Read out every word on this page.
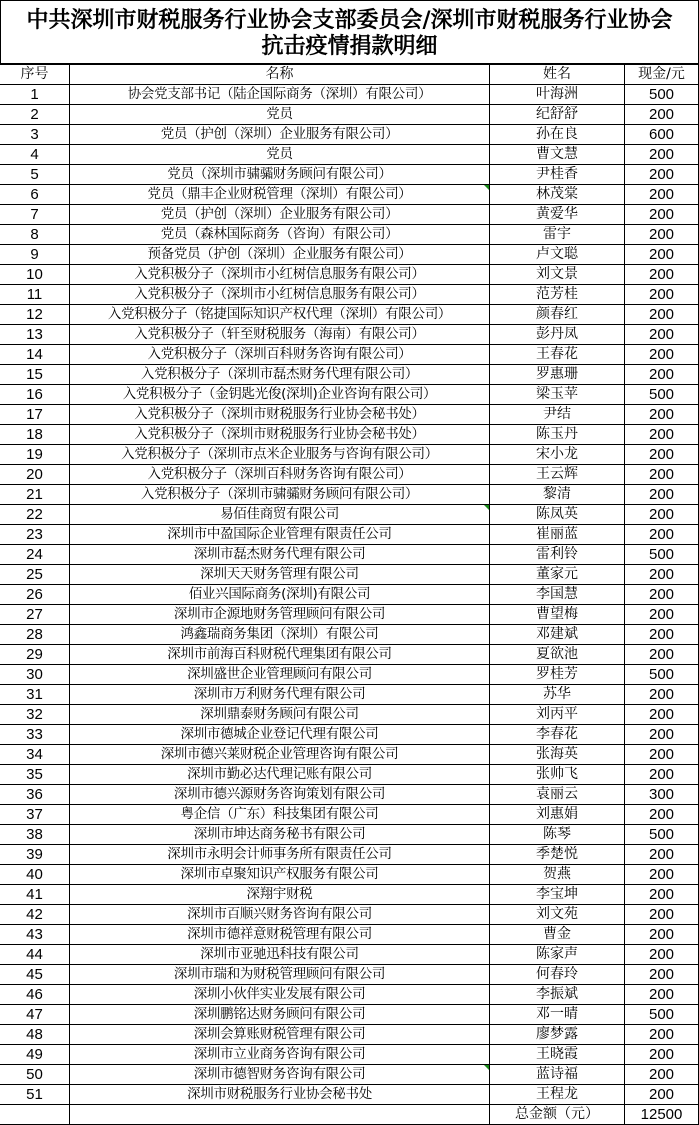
中共深圳市财税服务行业协会支部委员会/深圳市财税服务行业协会
抗击疫情捐款明细
序号	名称	姓名	现金/元
1	协会党支部书记（陆企国际商务（深圳）有限公司）	叶海洲	500
2	党员	纪舒舒	200
3	党员（护创（深圳）企业服务有限公司）	孙在良	600
4	党员	曹文慧	200
5	党员（深圳市骕骦财务顾问有限公司）	尹桂香	200
6	党员（鼎丰企业财税管理（深圳）有限公司）	林茂棠	200
7	党员（护创（深圳）企业服务有限公司）	黄爱华	200
8	党员（森林国际商务（咨询）有限公司）	雷宇	200
9	预备党员（护创（深圳）企业服务有限公司）	卢文聪	200
10	入党积极分子（深圳市小红树信息服务有限公司）	刘文景	200
11	入党积极分子（深圳市小红树信息服务有限公司）	范芳桂	200
12	入党积极分子（铭捷国际知识产权代理（深圳）有限公司）	颜春红	200
13	入党积极分子（轩至财税服务（海南）有限公司）	彭丹凤	200
14	入党积极分子（深圳百科财务咨询有限公司）	王春花	200
15	入党积极分子（深圳市磊杰财务代理有限公司）	罗惠珊	200
16	入党积极分子（金钥匙光俊(深圳)企业咨询有限公司）	梁玉苹	500
17	入党积极分子（深圳市财税服务行业协会秘书处）	尹结	200
18	入党积极分子（深圳市财税服务行业协会秘书处）	陈玉丹	200
19	入党积极分子（深圳市点米企业服务与咨询有限公司）	宋小龙	200
20	入党积极分子（深圳百科财务咨询有限公司）	王云辉	200
21	入党积极分子（深圳市骕骦财务顾问有限公司）	黎清	200
22	易佰佳商贸有限公司	陈凤英	200
23	深圳市中盈国际企业管理有限责任公司	崔丽蓝	200
24	深圳市磊杰财务代理有限公司	雷利铃	500
25	深圳天天财务管理有限公司	董家元	200
26	佰业兴国际商务(深圳)有限公司	李国慧	200
27	深圳市企源地财务管理顾问有限公司	曹望梅	200
28	鸿鑫瑞商务集团（深圳）有限公司	邓建斌	200
29	深圳市前海百科财税代理集团有限公司	夏欲池	200
30	深圳盛世企业管理顾问有限公司	罗桂芳	500
31	深圳市万利财务代理有限公司	苏华	200
32	深圳鼎泰财务顾问有限公司	刘丙平	200
33	深圳市德城企业登记代理有限公司	李春花	200
34	深圳市德兴莱财税企业管理咨询有限公司	张海英	200
35	深圳市勤必达代理记账有限公司	张帅飞	200
36	深圳市德兴源财务咨询策划有限公司	袁丽云	300
37	粤企信（广东）科技集团有限公司	刘惠娟	200
38	深圳市坤达商务秘书有限公司	陈琴	500
39	深圳市永明会计师事务所有限责任公司	季楚悦	200
40	深圳市卓聚知识产权服务有限公司	贺燕	200
41	深翔宇财税	李宝坤	200
42	深圳市百顺兴财务咨询有限公司	刘文苑	200
43	深圳市德祥意财税管理有限公司	曹金	200
44	深圳市亚驰迅科技有限公司	陈家声	200
45	深圳市瑞和为财税管理顾问有限公司	何春玲	200
46	深圳小伙伴实业发展有限公司	李振斌	200
47	深圳鹏铭达财务顾问有限公司	邓一晴	500
48	深圳会算账财税管理有限公司	廖梦露	200
49	深圳市立业商务咨询有限公司	王晓霞	200
50	深圳市德智财务咨询有限公司	蓝诗福	200
51	深圳市财税服务行业协会秘书处	王程龙	200
		总金额（元）	12500
